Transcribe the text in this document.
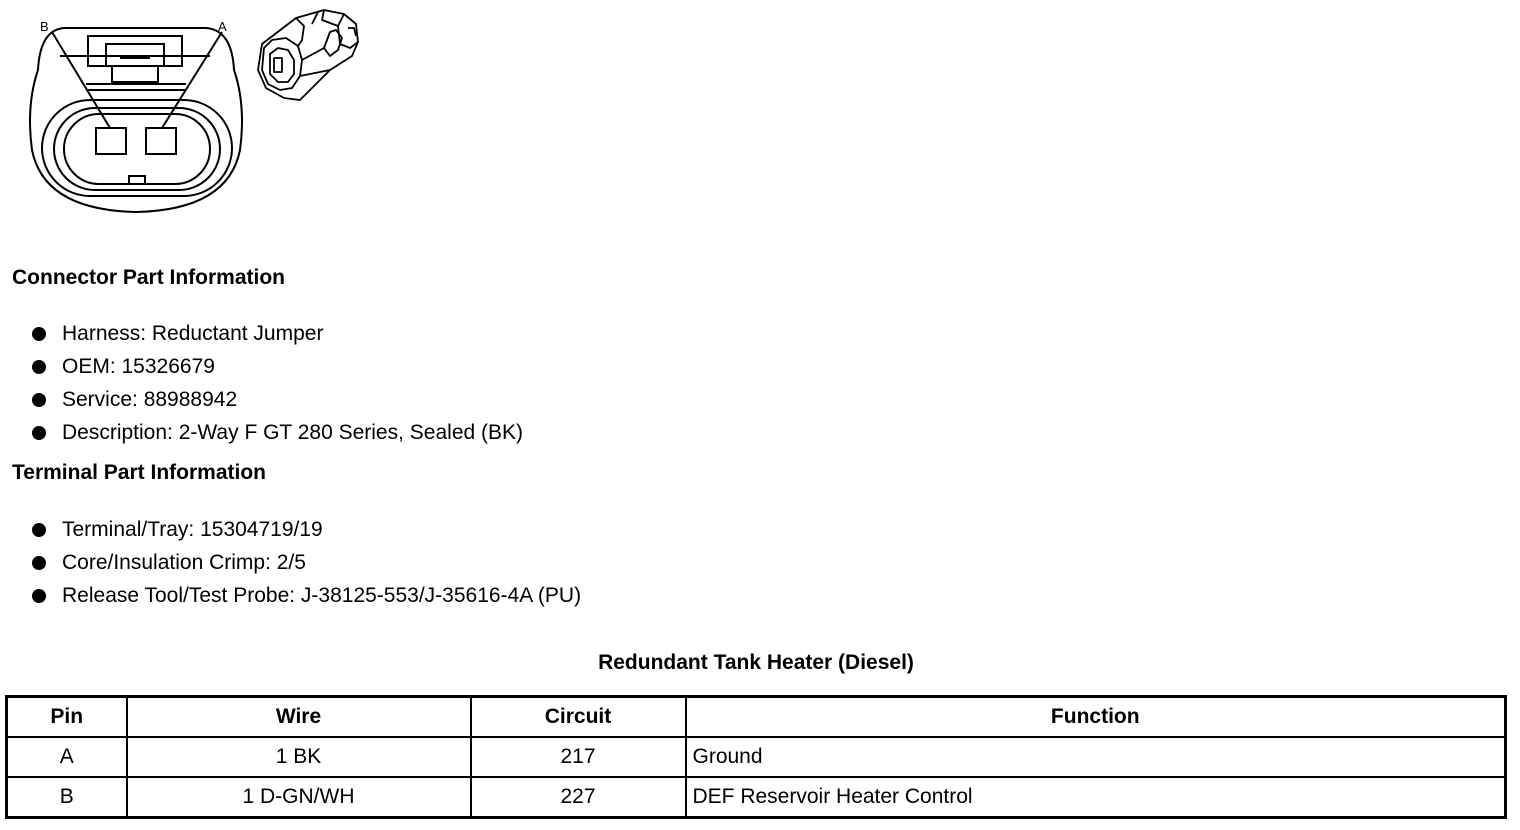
B	A
Connector Part Information
Harness: Reductant Jumper
OEM: 15326679
Service: 88988942
Description: 2-Way F GT 280 Series, Sealed (BK)
Terminal Part Information
Terminal/Tray: 15304719/19
Core/Insulation Crimp: 2/5
Release Tool/Test Probe: J-38125-553/J-35616-4A (PU)
Redundant Tank Heater (Diesel)
Pin	Wire	Circuit	Function
A	1 BK	217	Ground
B	1 D-GN/WH	227	DEF Reservoir Heater Control
